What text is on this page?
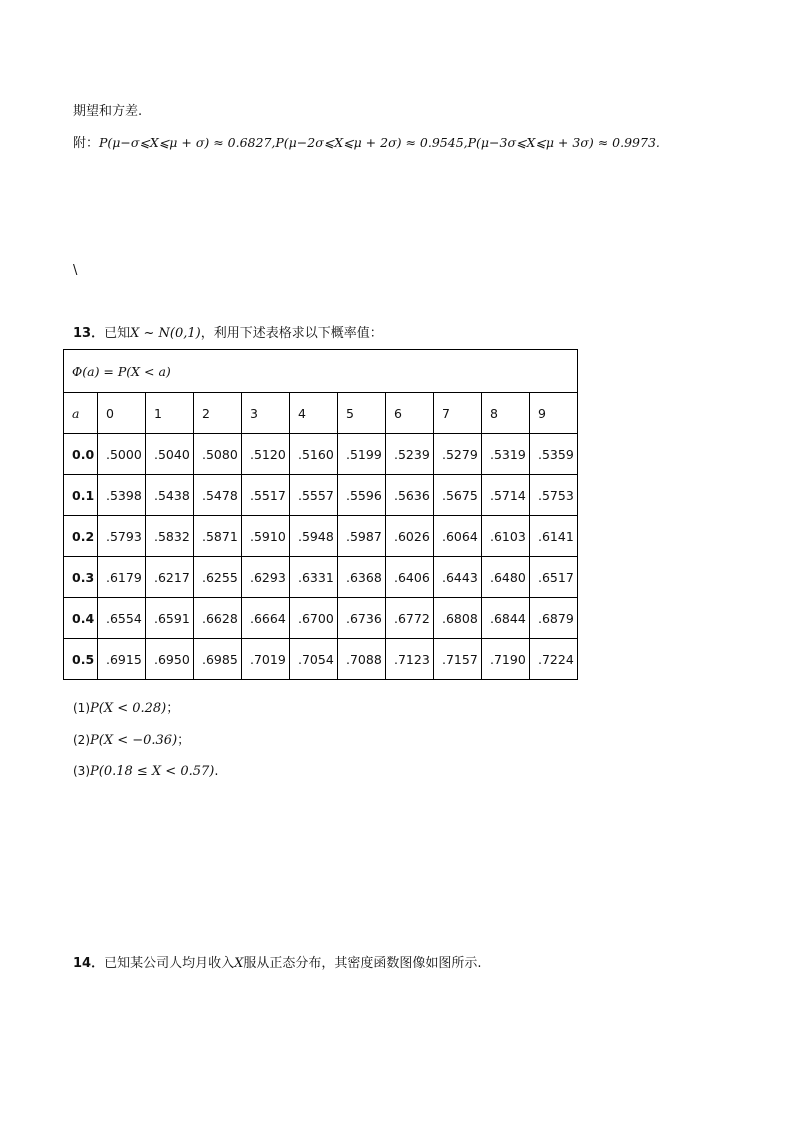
期望和方差.
附：P(μ−σ⩽X⩽μ + σ) ≈ 0.6827,P(μ−2σ⩽X⩽μ + 2σ) ≈ 0.9545,P(μ−3σ⩽X⩽μ + 3σ) ≈ 0.9973.
\
13．已知X ~ N(0,1)，利用下述表格求以下概率值：
Φ(a) = P(X < a)										
a	0	1	2	3	4	5	6	7	8	9
0.0	.5000	.5040	.5080	.5120	.5160	.5199	.5239	.5279	.5319	.5359
0.1	.5398	.5438	.5478	.5517	.5557	.5596	.5636	.5675	.5714	.5753
0.2	.5793	.5832	.5871	.5910	.5948	.5987	.6026	.6064	.6103	.6141
0.3	.6179	.6217	.6255	.6293	.6331	.6368	.6406	.6443	.6480	.6517
0.4	.6554	.6591	.6628	.6664	.6700	.6736	.6772	.6808	.6844	.6879
0.5	.6915	.6950	.6985	.7019	.7054	.7088	.7123	.7157	.7190	.7224
(1)P(X < 0.28)；
(2)P(X < −0.36)；
(3)P(0.18 ≤ X < 0.57).
14．已知某公司人均月收入X服从正态分布，其密度函数图像如图所示.
